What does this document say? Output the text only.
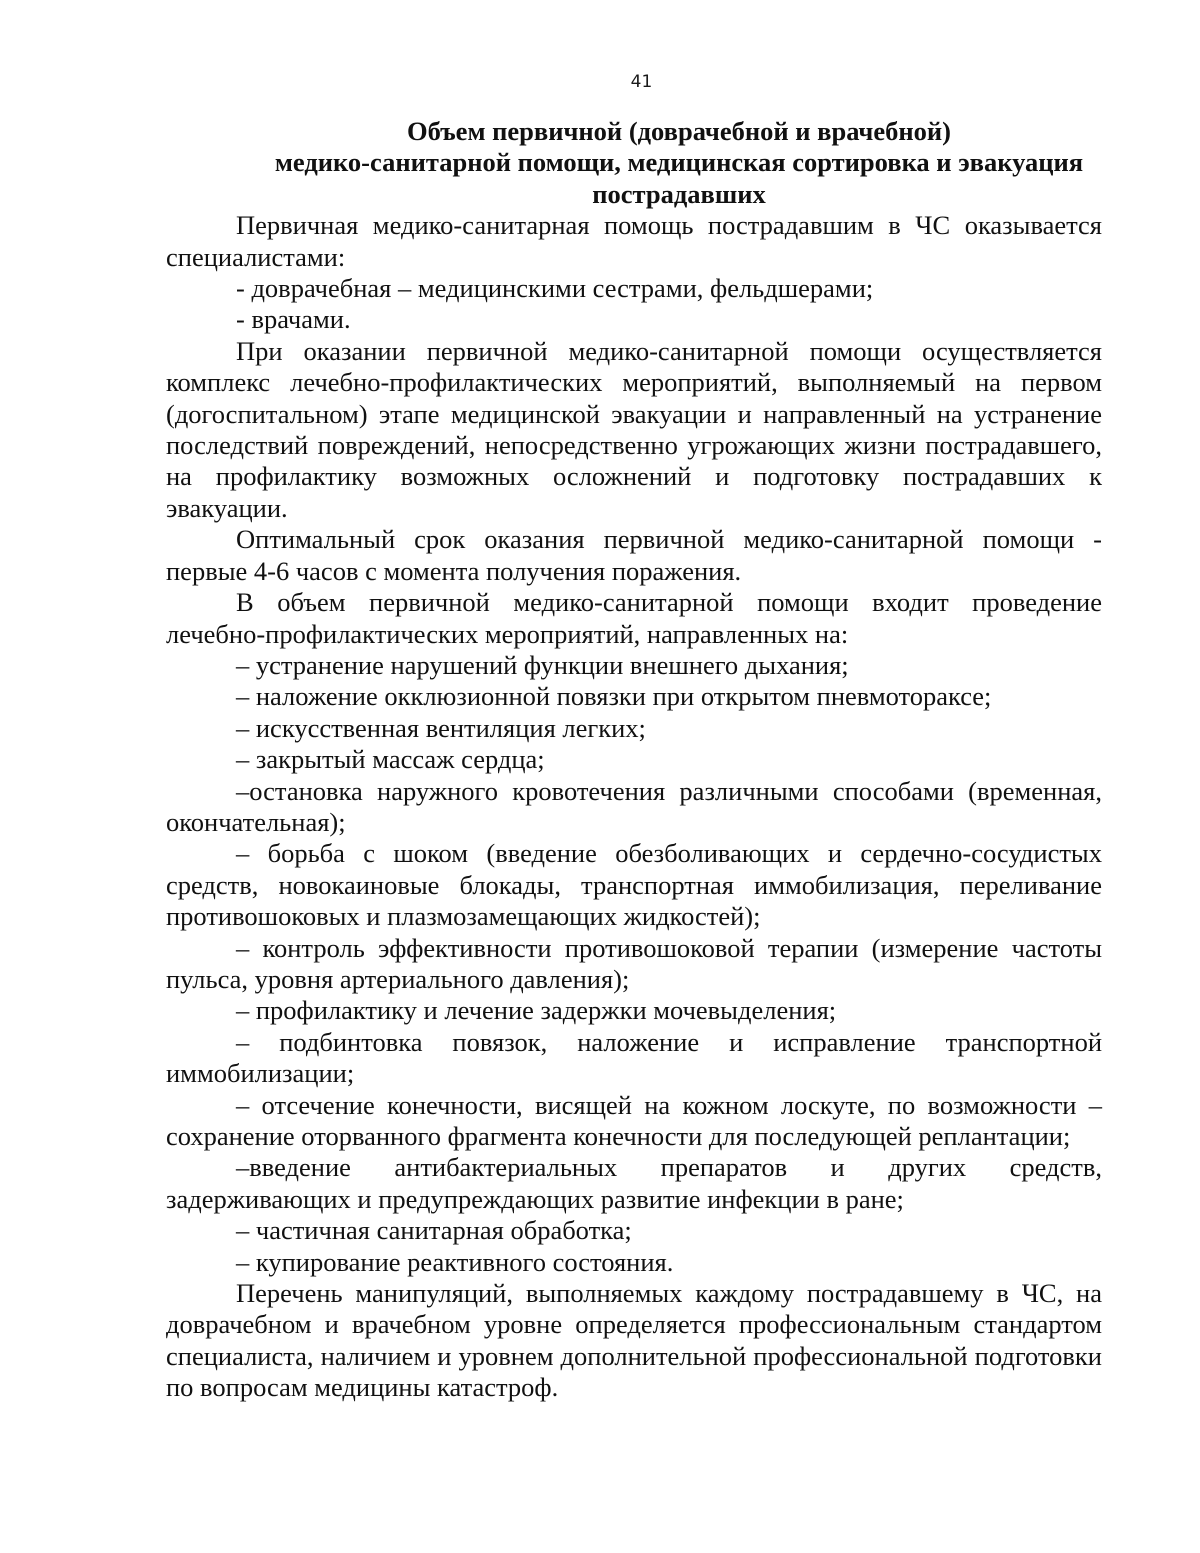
41
Объем первичной (доврачебной и врачебной)
медико-санитарной помощи, медицинская сортировка и эвакуация
пострадавших

Первичная медико-санитарная помощь пострадавшим в ЧС оказывается специалистами:

- доврачебная – медицинскими сестрами, фельдшерами;

- врачами.

При оказании первичной медико-санитарной помощи осуществляется комплекс лечебно-профилактических мероприятий, выполняемый на первом (догоспитальном) этапе медицинской эвакуации и направленный на устранение последствий повреждений, непосредственно угрожающих жизни пострадавшего, на профилактику возможных осложнений и подготовку пострадавших к эвакуации.

Оптимальный срок оказания первичной медико-санитарной помощи - первые 4-6 часов с момента получения поражения.

В объем первичной медико-санитарной помощи входит проведение лечебно-профилактических мероприятий, направленных на:

– устранение нарушений функции внешнего дыхания;

– наложение окклюзионной повязки при открытом пневмотораксе;

– искусственная вентиляция легких;

– закрытый массаж сердца;

–остановка наружного кровотечения различными способами (временная, окончательная);

– борьба с шоком (введение обезболивающих и сердечно-сосудистых средств, новокаиновые блокады, транспортная иммобилизация, переливание противошоковых и плазмозамещающих жидкостей);

– контроль эффективности противошоковой терапии (измерение частоты пульса, уровня артериального давления);

– профилактику и лечение задержки мочевыделения;

– подбинтовка повязок, наложение и исправление транспортной иммобилизации;

– отсечение конечности, висящей на кожном лоскуте, по возможности – сохранение оторванного фрагмента конечности для последующей реплантации;

–введение антибактериальных препаратов и других средств, задерживающих и предупреждающих развитие инфекции в ране;

– частичная санитарная обработка;

– купирование реактивного состояния.

Перечень манипуляций, выполняемых каждому пострадавшему в ЧС, на доврачебном и врачебном уровне определяется профессиональным стандартом специалиста, наличием и уровнем дополнительной профессиональной подготовки по вопросам медицины катастроф.
